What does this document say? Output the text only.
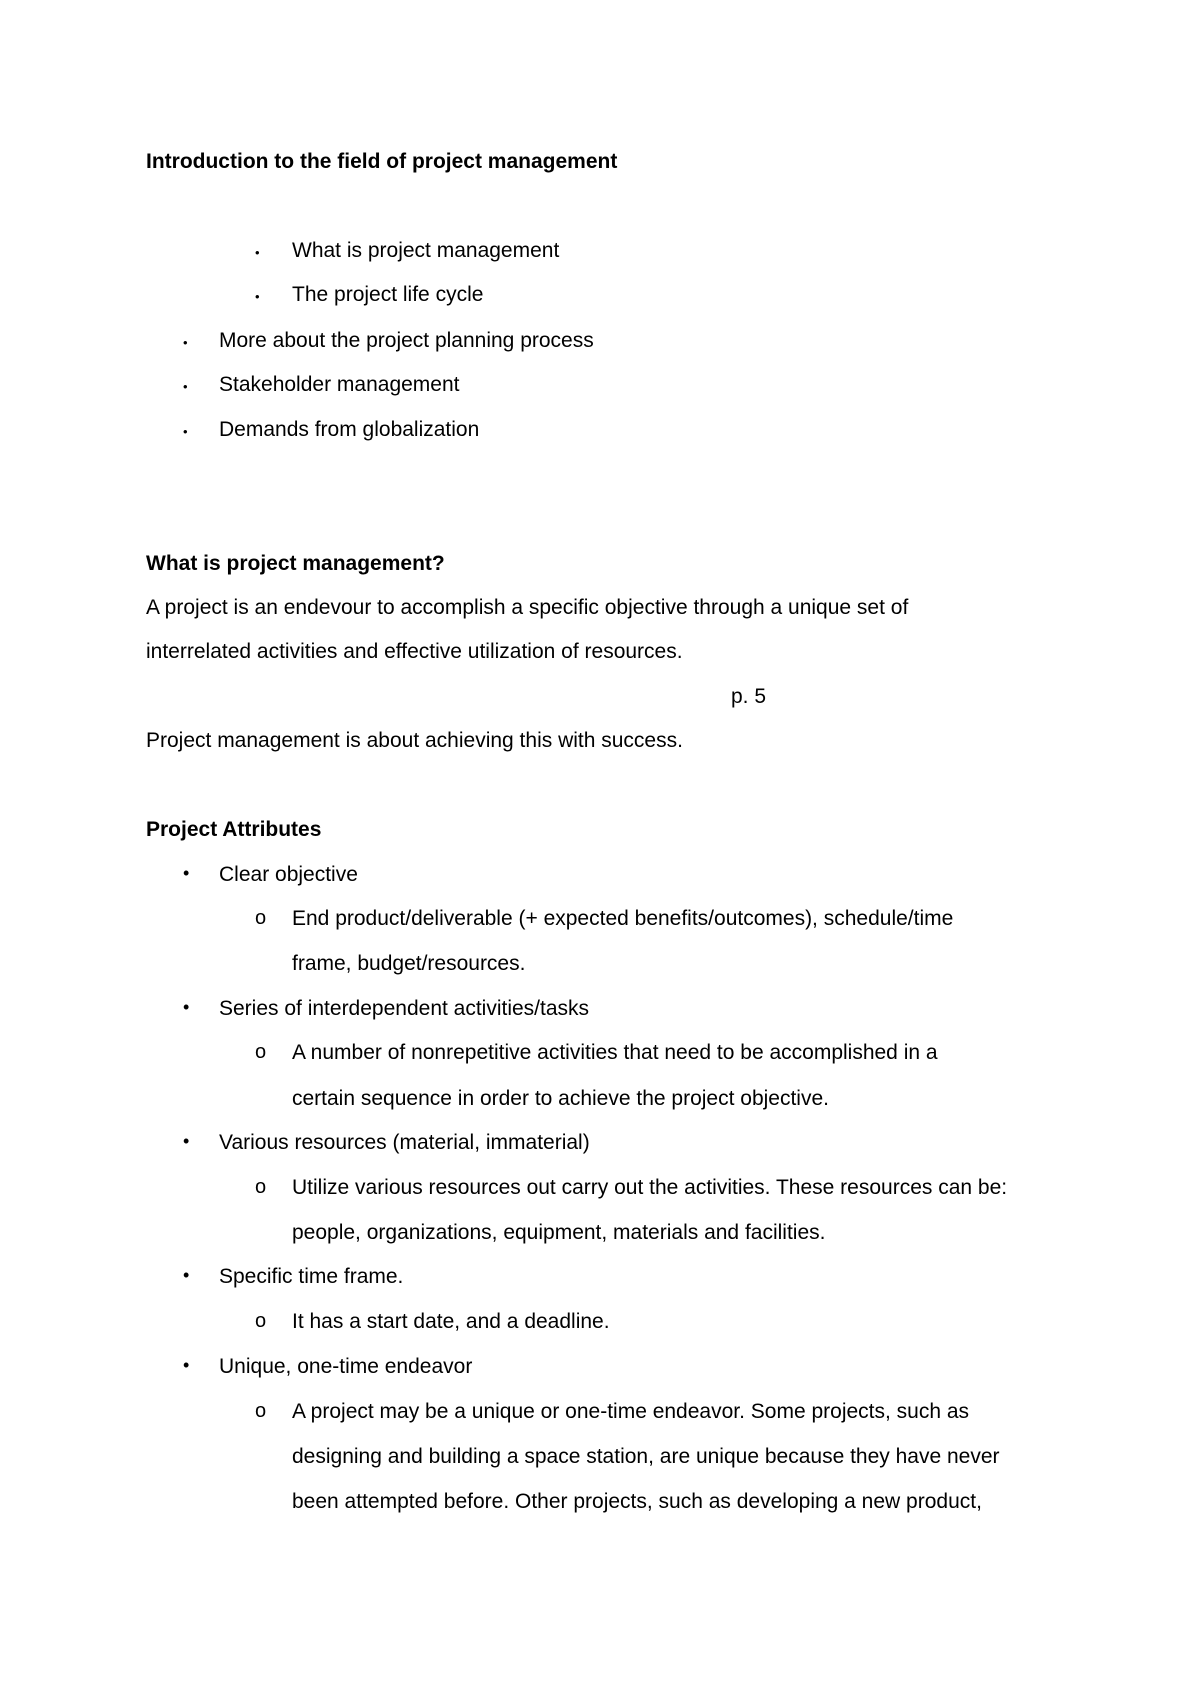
Introduction to the field of project management
• What is project management
• The project life cycle
• More about the project planning process
• Stakeholder management
• Demands from globalization
What is project management?
A project is an endevour to accomplish a specific objective through a unique set of
interrelated activities and effective utilization of resources.
p. 5
Project management is about achieving this with success.
Project Attributes
• Clear objective
o End product/deliverable (+ expected benefits/outcomes), schedule/time
frame, budget/resources.
• Series of interdependent activities/tasks
o A number of nonrepetitive activities that need to be accomplished in a
certain sequence in order to achieve the project objective.
• Various resources (material, immaterial)
o Utilize various resources out carry out the activities. These resources can be:
people, organizations, equipment, materials and facilities.
• Specific time frame.
o It has a start date, and a deadline.
• Unique, one-time endeavor
o A project may be a unique or one-time endeavor. Some projects, such as
designing and building a space station, are unique because they have never
been attempted before. Other projects, such as developing a new product,
